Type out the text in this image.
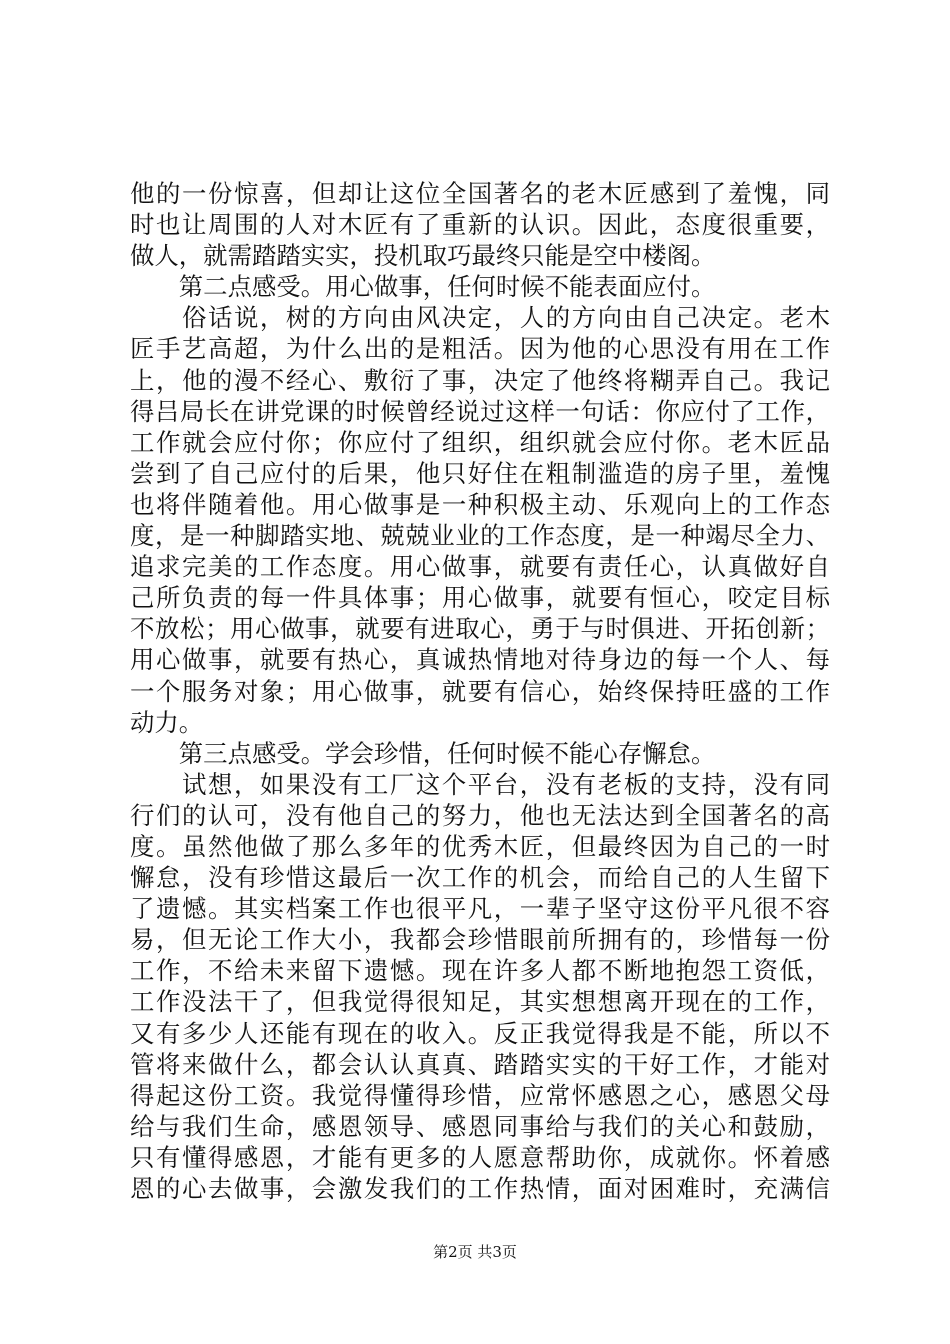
他的一份惊喜，但却让这位全国著名的老木匠感到了羞愧，同
时也让周围的人对木匠有了重新的认识。因此，态度很重要，
做人，就需踏踏实实，投机取巧最终只能是空中楼阁。
　　第二点感受。用心做事，任何时候不能表面应付。
　　俗话说，树的方向由风决定，人的方向由自己决定。老木
匠手艺高超，为什么出的是粗活。因为他的心思没有用在工作
上，他的漫不经心、敷衍了事，决定了他终将糊弄自己。我记
得吕局长在讲党课的时候曾经说过这样一句话：你应付了工作，
工作就会应付你；你应付了组织，组织就会应付你。老木匠品
尝到了自己应付的后果，他只好住在粗制滥造的房子里，羞愧
也将伴随着他。用心做事是一种积极主动、乐观向上的工作态
度，是一种脚踏实地、兢兢业业的工作态度，是一种竭尽全力、
追求完美的工作态度。用心做事，就要有责任心，认真做好自
己所负责的每一件具体事；用心做事，就要有恒心，咬定目标
不放松；用心做事，就要有进取心，勇于与时俱进、开拓创新；
用心做事，就要有热心，真诚热情地对待身边的每一个人、每
一个服务对象；用心做事，就要有信心，始终保持旺盛的工作
动力。
　　第三点感受。学会珍惜，任何时候不能心存懈怠。
　　试想，如果没有工厂这个平台，没有老板的支持，没有同
行们的认可，没有他自己的努力，他也无法达到全国著名的高
度。虽然他做了那么多年的优秀木匠，但最终因为自己的一时
懈怠，没有珍惜这最后一次工作的机会，而给自己的人生留下
了遗憾。其实档案工作也很平凡，一辈子坚守这份平凡很不容
易，但无论工作大小，我都会珍惜眼前所拥有的，珍惜每一份
工作，不给未来留下遗憾。现在许多人都不断地抱怨工资低，
工作没法干了，但我觉得很知足，其实想想离开现在的工作，
又有多少人还能有现在的收入。反正我觉得我是不能，所以不
管将来做什么，都会认认真真、踏踏实实的干好工作，才能对
得起这份工资。我觉得懂得珍惜，应常怀感恩之心，感恩父母
给与我们生命，感恩领导、感恩同事给与我们的关心和鼓励，
只有懂得感恩，才能有更多的人愿意帮助你，成就你。怀着感
恩的心去做事，会激发我们的工作热情，面对困难时，充满信
第2页 共3页
